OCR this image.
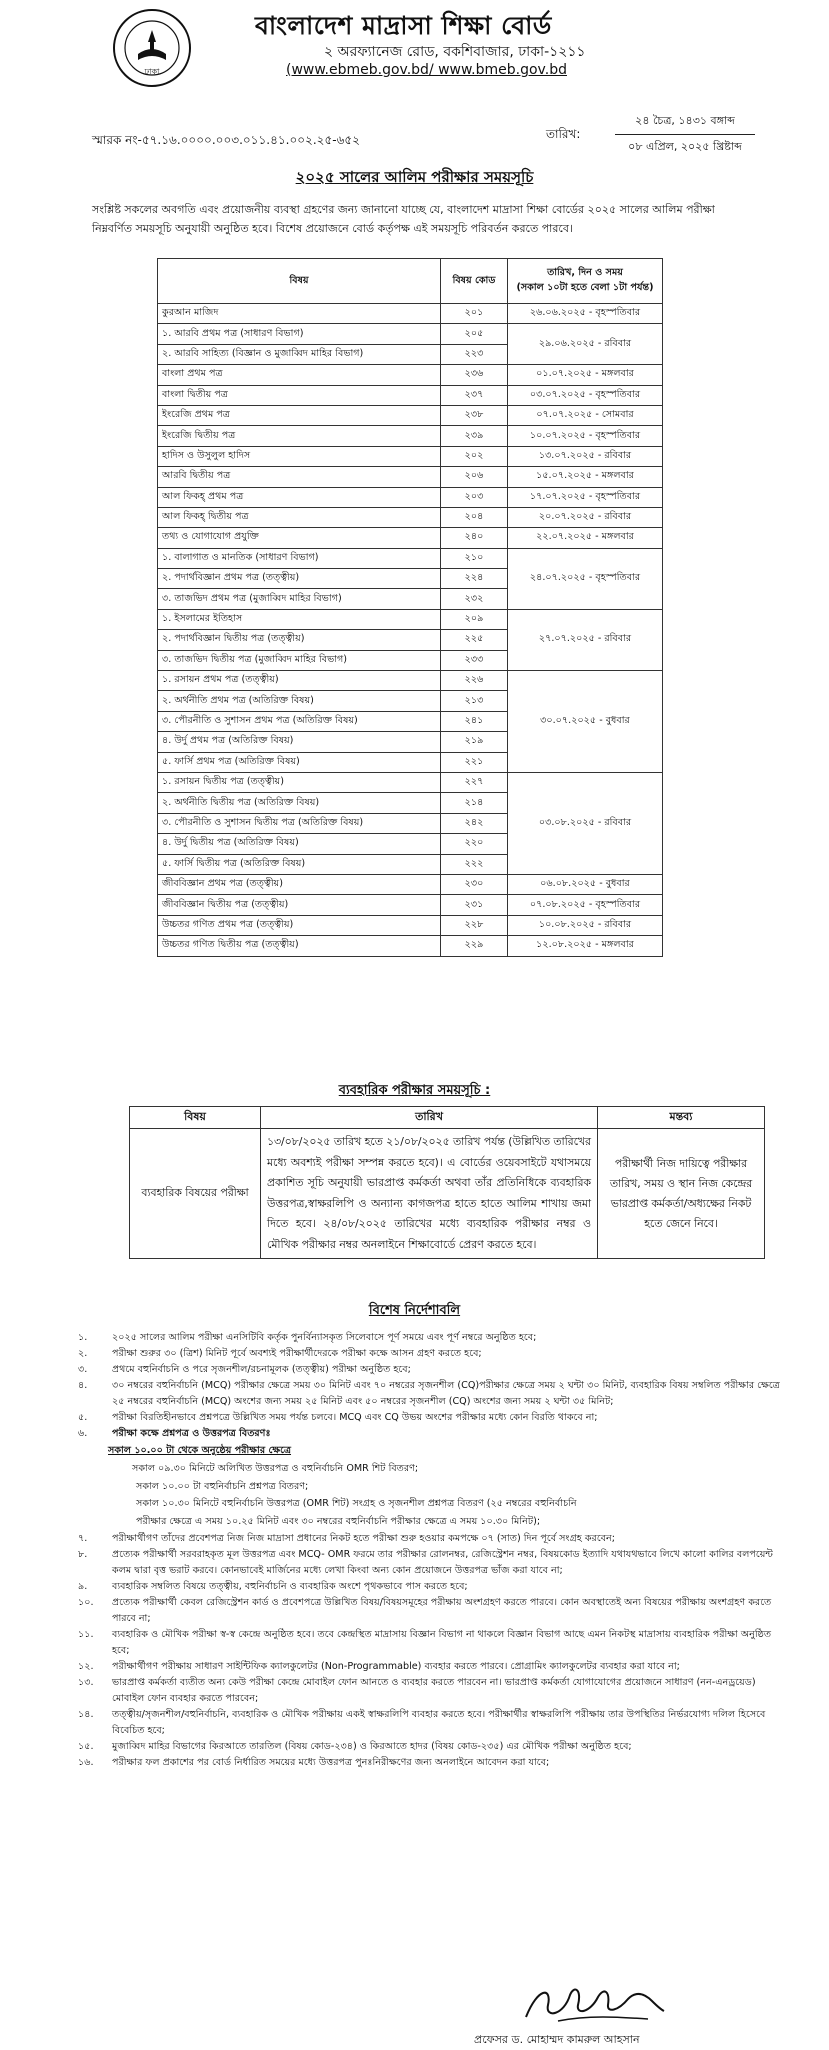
ঢাকা
বাংলাদেশ মাদ্রাসা শিক্ষা বোর্ড
২ অরফ্যানেজ রোড, বকশিবাজার, ঢাকা-১২১১
(www.ebmeb.gov.bd/ www.bmeb.gov.bd
স্মারক নং-৫৭.১৬.০০০০.০০৩.০১১.৪১.০০২.২৫-৬৫২	তারিখ:
২৪ চৈত্র, ১৪৩১ বঙ্গাব্দ
০৮ এপ্রিল, ২০২৫ খ্রিষ্টাব্দ
২০২৫ সালের আলিম পরীক্ষার সময়সূচি
সংশ্লিষ্ট সকলের অবগতি এবং প্রয়োজনীয় ব্যবস্থা গ্রহণের জন্য জানানো যাচ্ছে যে, বাংলাদেশ মাদ্রাসা শিক্ষা বোর্ডের ২০২৫ সালের আলিম পরীক্ষা নিম্নবর্ণিত সময়সূচি অনুযায়ী অনুষ্ঠিত হবে। বিশেষ প্রয়োজনে বোর্ড কর্তৃপক্ষ এই সময়সূচি পরিবর্তন করতে পারবে।
বিষয়	বিষয় কোড	তারিখ, দিন ও সময়
(সকাল ১০টা হতে বেলা ১টা পর্যন্ত)

কুরআন মাজিদ	২০১	২৬.০৬.২০২৫ - বৃহস্পতিবার
১. আরবি প্রথম পত্র (সাধারণ বিভাগ)	২০৫	২৯.০৬.২০২৫ - রবিবার
২. আরবি সাহিত্য (বিজ্ঞান ও মুজাব্বিদ মাহির বিভাগ)	২২৩	
বাংলা প্রথম পত্র	২৩৬	০১.০৭.২০২৫ - মঙ্গলবার
বাংলা দ্বিতীয় পত্র	২৩৭	০৩.০৭.২০২৫ - বৃহস্পতিবার
ইংরেজি প্রথম পত্র	২৩৮	০৭.০৭.২০২৫ - সোমবার
ইংরেজি দ্বিতীয় পত্র	২৩৯	১০.০৭.২০২৫ - বৃহস্পতিবার
হাদিস ও উসুলুল হাদিস	২০২	১৩.০৭.২০২৫ - রবিবার
আরবি দ্বিতীয় পত্র	২০৬	১৫.০৭.২০২৫ - মঙ্গলবার
আল ফিকহ্ প্রথম পত্র	২০৩	১৭.০৭.২০২৫ - বৃহস্পতিবার
আল ফিকহ্ দ্বিতীয় পত্র	২০৪	২০.০৭.২০২৫ - রবিবার
তথ্য ও যোগাযোগ প্রযুক্তি	২৪০	২২.০৭.২০২৫ - মঙ্গলবার
১. বালাগাত ও মানতিক (সাধারণ বিভাগ)	২১০	২৪.০৭.২০২৫ - বৃহস্পতিবার
২. পদার্থবিজ্ঞান প্রথম পত্র (তত্ত্বীয়)	২২৪	
৩. তাজভিদ প্রথম পত্র (মুজাব্বিদ মাহির বিভাগ)	২৩২	
১. ইসলামের ইতিহাস	২০৯	২৭.০৭.২০২৫ - রবিবার
২. পদার্থবিজ্ঞান দ্বিতীয় পত্র (তত্ত্বীয়)	২২৫	
৩. তাজভিদ দ্বিতীয় পত্র (মুজাব্বিদ মাহির বিভাগ)	২৩৩	
১. রসায়ন প্রথম পত্র (তত্ত্বীয়)	২২৬	৩০.০৭.২০২৫ - বুধবার
২. অর্থনীতি প্রথম পত্র (অতিরিক্ত বিষয়)	২১৩	
৩. পৌরনীতি ও সুশাসন প্রথম পত্র (অতিরিক্ত বিষয়)	২৪১	
৪. উর্দু প্রথম পত্র (অতিরিক্ত বিষয়)	২১৯	
৫. ফার্সি প্রথম পত্র (অতিরিক্ত বিষয়)	২২১	
১. রসায়ন দ্বিতীয় পত্র (তত্ত্বীয়)	২২৭	০৩.০৮.২০২৫ - রবিবার
২. অর্থনীতি দ্বিতীয় পত্র (অতিরিক্ত বিষয়)	২১৪	
৩. পৌরনীতি ও সুশাসন দ্বিতীয় পত্র (অতিরিক্ত বিষয়)	২৪২	
৪. উর্দু দ্বিতীয় পত্র (অতিরিক্ত বিষয়)	২২০	
৫. ফার্সি দ্বিতীয় পত্র (অতিরিক্ত বিষয়)	২২২	
জীববিজ্ঞান প্রথম পত্র (তত্ত্বীয়)	২৩০	০৬.০৮.২০২৫ - বুধবার
জীববিজ্ঞান দ্বিতীয় পত্র (তত্ত্বীয়)	২৩১	০৭.০৮.২০২৫ - বৃহস্পতিবার
উচ্চতর গণিত প্রথম পত্র (তত্ত্বীয়)	২২৮	১০.০৮.২০২৫ - রবিবার
উচ্চতর গণিত দ্বিতীয় পত্র (তত্ত্বীয়)	২২৯	১২.০৮.২০২৫ - মঙ্গলবার
ব্যবহারিক পরীক্ষার সময়সূচি :
বিষয়	তারিখ	মন্তব্য
ব্যবহারিক বিষয়ের পরীক্ষা	১৩/০৮/২০২৫ তারিখ হতে ২১/০৮/২০২৫ তারিখ পর্যন্ত (উল্লিখিত তারিখের মধ্যে অবশ্যই পরীক্ষা সম্পন্ন করতে হবে)। এ বোর্ডের ওয়েবসাইটে যথাসময়ে প্রকাশিত সূচি অনুযায়ী ভারপ্রাপ্ত কর্মকর্তা অথবা তাঁর প্রতিনিধিকে ব্যবহারিক উত্তরপত্র,স্বাক্ষরলিপি ও অন্যান্য কাগজপত্র হাতে হাতে আলিম শাখায় জমা দিতে হবে। ২৪/০৮/২০২৫ তারিখের মধ্যে ব্যবহারিক পরীক্ষার নম্বর ও মৌখিক পরীক্ষার নম্বর অনলাইনে শিক্ষাবোর্ডে প্রেরণ করতে হবে।	পরীক্ষার্থী নিজ দায়িত্বে পরীক্ষার তারিখ, সময় ও স্থান নিজ কেন্দ্রের ভারপ্রাপ্ত কর্মকর্তা/অধ্যক্ষের নিকট হতে জেনে নিবে।
বিশেষ নির্দেশাবলি
১.	২০২৫ সালের আলিম পরীক্ষা এনসিটিবি কর্তৃক পুনর্বিন্যাসকৃত সিলেবাসে পূর্ণ সময়ে এবং পূর্ণ নম্বরে অনুষ্ঠিত হবে;
২.	পরীক্ষা শুরুর ৩০ (ত্রিশ) মিনিট পূর্বে অবশ্যই পরীক্ষার্থীদেরকে পরীক্ষা কক্ষে আসন গ্রহণ করতে হবে;
৩.	প্রথমে বহুনির্বাচনি ও পরে সৃজনশীল/রচনামূলক (তত্ত্বীয়) পরীক্ষা অনুষ্ঠিত হবে;
৪.	৩০ নম্বরের বহুনির্বাচনি (MCQ) পরীক্ষার ক্ষেত্রে সময় ৩০ মিনিট এবং ৭০ নম্বরের সৃজনশীল (CQ)পরীক্ষার ক্ষেত্রে সময় ২ ঘন্টা ৩০ মিনিট, ব্যবহারিক বিষয় সম্বলিত পরীক্ষার ক্ষেত্রে ২৫ নম্বরের বহুনির্বাচনি (MCQ) অংশের জন্য সময় ২৫ মিনিট এবং ৫০ নম্বরের সৃজনশীল (CQ) অংশের জন্য সময় ২ ঘন্টা ৩৫ মিনিট;
৫.	পরীক্ষা বিরতিহীনভাবে প্রশ্নপত্রে উল্লিখিত সময় পর্যন্ত চলবে। MCQ এবং CQ উভয় অংশের পরীক্ষার মধ্যে কোন বিরতি থাকবে না;
৬.	পরীক্ষা কক্ষে প্রশ্নপত্র ও উত্তরপত্র বিতরণঃ
সকাল ১০.০০ টা থেকে অনুষ্ঠেয় পরীক্ষার ক্ষেত্রে
সকাল ০৯.৩০ মিনিটে অলিখিত উত্তরপত্র ও বহুনির্বাচনি OMR শিট বিতরণ;
সকাল ১০.০০ টা বহুনির্বাচনি প্রশ্নপত্র বিতরণ;
সকাল ১০.৩০ মিনিটে বহুনির্বাচনি উত্তরপত্র (OMR শিট) সংগ্রহ ও সৃজনশীল প্রশ্নপত্র বিতরণ (২৫ নম্বরের বহুনির্বাচনি
পরীক্ষার ক্ষেত্রে এ সময় ১০.২৫ মিনিট এবং ৩০ নম্বরের বহুনির্বাচনি পরীক্ষার ক্ষেত্রে এ সময় ১০.৩০ মিনিট);
৭.	পরীক্ষার্থীগণ তাঁদের প্রবেশপত্র নিজ নিজ মাদ্রাসা প্রধানের নিকট হতে পরীক্ষা শুরু হওয়ার কমপক্ষে ০৭ (সাত) দিন পূর্বে সংগ্রহ করবেন;
৮.	প্রত্যেক পরীক্ষার্থী সরবরাহকৃত মূল উত্তরপত্র এবং MCQ- OMR ফরমে তার পরীক্ষার রোলনম্বর, রেজিস্ট্রেশন নম্বর, বিষয়কোড ইত্যাদি যথাযথভাবে লিখে কালো কালির বলপয়েন্ট কলম দ্বারা বৃত্ত ভরাট করবে। কোনভাবেই মার্জিনের মধ্যে লেখা কিংবা অন্য কোন প্রয়োজনে উত্তরপত্র ভাঁজ করা যাবে না;
৯.	ব্যবহারিক সম্বলিত বিষয়ে তত্ত্বীয়, বহুনির্বাচনি ও ব্যবহারিক অংশে পৃথকভাবে পাস করতে হবে;
১০. প্রত্যেক পরীক্ষার্থী কেবল রেজিস্ট্রেশন কার্ড ও প্রবেশপত্রে উল্লিখিত বিষয়/বিষয়সমূহের পরীক্ষায় অংশগ্রহণ করতে পারবে। কোন অবস্থাতেই অন্য বিষয়ের পরীক্ষায় অংশগ্রহণ করতে পারবে না;
১১. ব্যবহারিক ও মৌখিক পরীক্ষা স্ব-স্ব কেন্দ্রে অনুষ্ঠিত হবে। তবে কেন্দ্রস্থিত মাদ্রাসায় বিজ্ঞান বিভাগ না থাকলে বিজ্ঞান বিভাগ আছে এমন নিকটস্থ মাদ্রাসায় ব্যবহারিক পরীক্ষা অনুষ্ঠিত হবে;
১২. পরীক্ষার্থীগণ পরীক্ষায় সাধারণ সাইন্টিফিক ক্যালকুলেটর (Non-Programmable) ব্যবহার করতে পারবে। প্রোগ্রামিং ক্যালকুলেটর ব্যবহার করা যাবে না;
১৩. ভারপ্রাপ্ত কর্মকর্তা ব্যতীত অন্য কেউ পরীক্ষা কেন্দ্রে মোবাইল ফোন আনতে ও ব্যবহার করতে পারবেন না। ভারপ্রাপ্ত কর্মকর্তা যোগাযোগের প্রয়োজনে সাধারণ (নন-এনড্রয়েড) মোবাইল ফোন ব্যবহার করতে পারবেন;
১৪. তত্ত্বীয়/সৃজনশীল/বহুনির্বাচনি, ব্যবহারিক ও মৌখিক পরীক্ষায় একই স্বাক্ষরলিপি ব্যবহার করতে হবে। পরীক্ষার্থীর স্বাক্ষরলিপি পরীক্ষায় তার উপস্থিতির নির্ভরযোগ্য দলিল হিসেবে বিবেচিত হবে;
১৫. মুজাব্বিদ মাহির বিভাগের কিরআতে তারতিল (বিষয় কোড-২৩৪) ও কিরআতে হাদর (বিষয় কোড-২৩৫) এর মৌখিক পরীক্ষা অনুষ্ঠিত হবে;
১৬. পরীক্ষার ফল প্রকাশের পর বোর্ড নির্ধারিত সময়ের মধ্যে উত্তরপত্র পুনঃনিরীক্ষণের জন্য অনলাইনে আবেদন করা যাবে;
প্রফেসর ড. মোহাম্মদ কামরুল আহসান
